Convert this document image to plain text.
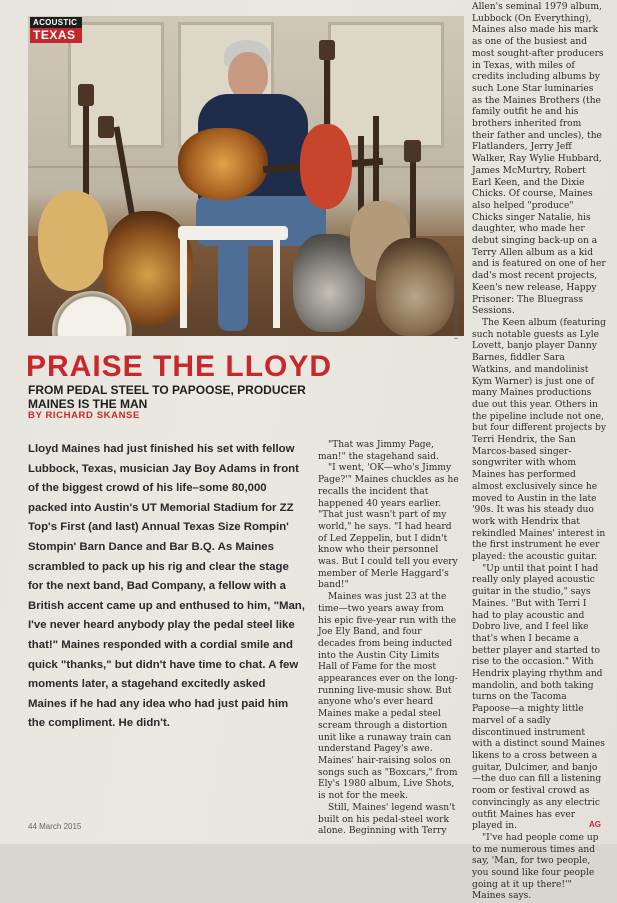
ACOUSTIC
TEXAS
TINA MAINES PHOTO
PRAISE THE LLOYD
FROM PEDAL STEEL TO PAPOOSE, PRODUCER MAINES IS THE MAN
BY RICHARD SKANSE
Lloyd Maines had just finished his set with fellow Lubbock, Texas, musician Jay Boy Adams in front of the biggest crowd of his life–some 80,000 packed into Austin's UT Memorial Stadium for ZZ Top's First (and last) Annual Texas Size Rompin' Stompin' Barn Dance and Bar B.Q. As Maines scrambled to pack up his rig and clear the stage for the next band, Bad Company, a fellow with a British accent came up and enthused to him, "Man, I've never heard anybody play the pedal steel like that!" Maines responded with a cordial smile and quick "thanks," but didn't have time to chat. A few moments later, a stagehand excitedly asked Maines if he had any idea who had just paid him the compliment. He didn't.

"That was Jimmy Page, man!" the stagehand said.

"I went, 'OK—who's Jimmy Page?'" Maines chuckles as he recalls the incident that happened 40 years earlier. "That just wasn't part of my world," he says. "I had heard of Led Zeppelin, but I didn't know who their personnel was. But I could tell you every member of Merle Haggard's band!"

Maines was just 23 at the time—two years away from his epic five-year run with the Joe Ely Band, and four decades from being inducted into the Austin City Limits Hall of Fame for the most appearances ever on the long-running live-music show. But anyone who's ever heard Maines make a pedal steel scream through a distortion unit like a runaway train can understand Pagey's awe. Maines' hair-raising solos on songs such as "Boxcars," from Ely's 1980 album, Live Shots, is not for the meek.

Still, Maines' legend wasn't built on his pedal-steel work alone. Beginning with Terry

Allen's seminal 1979 album, Lubbock (On Everything), Maines also made his mark as one of the busiest and most sought-after producers in Texas, with miles of credits including albums by such Lone Star luminaries as the Maines Brothers (the family outfit he and his brothers inherited from their father and uncles), the Flatlanders, Jerry Jeff Walker, Ray Wylie Hubbard, James McMurtry, Robert Earl Keen, and the Dixie Chicks. Of course, Maines also helped "produce" Chicks singer Natalie, his daughter, who made her debut singing back-up on a Terry Allen album as a kid and is featured on one of her dad's most recent projects, Keen's new release, Happy Prisoner: The Bluegrass Sessions.

The Keen album (featuring such notable guests as Lyle Lovett, banjo player Danny Barnes, fiddler Sara Watkins, and mandolinist Kym Warner) is just one of many Maines productions due out this year. Others in the pipeline include not one, but four different projects by Terri Hendrix, the San Marcos-based singer-songwriter with whom Maines has performed almost exclusively since he moved to Austin in the late '90s. It was his steady duo work with Hendrix that rekindled Maines' interest in the first instrument he ever played: the acoustic guitar.

"Up until that point I had really only played acoustic guitar in the studio," says Maines. "But with Terri I had to play acoustic and Dobro live, and I feel like that's when I became a better player and started to rise to the occasion." With Hendrix playing rhythm and mandolin, and both taking turns on the Tacoma Papoose—a mighty little marvel of a sadly discontinued instrument with a distinct sound Maines likens to a cross between a guitar, Dulcimer, and banjo—the duo can fill a listening room or festival crowd as convincingly as any electric outfit Maines has ever played in.

"I've had people come up to me numerous times and say, 'Man, for two people, you sound like four people going at it up there!'" Maines says.

44 March 2015	AG
